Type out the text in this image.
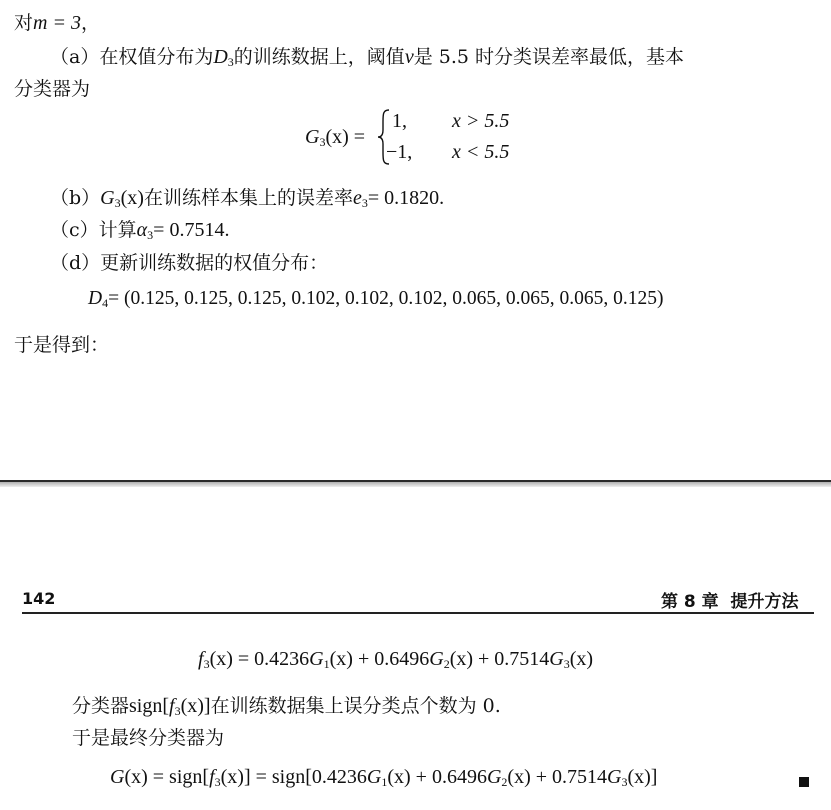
对m = 3，
（a）在权值分布为$D_3$的训练数据上，阈值v是 5.5 时分类误差率最低，基本
分类器为
$G_3(x)$ =
1, x > 5.5
−1, x < 5.5
$(b)G_3(x)$在训练样本集上的误差率$e_3= 0.1820$.
（c）计算$\alpha_3= 0.7514$.
（d）更新训练数据的权值分布：
$D_4= (0.125$, 0.125, 0.125, 0.102, 0.102, 0.102, 0.065, 0.065, 0.065, 0.125)
于是得到：
142	第 8 章 提升方法
$f_3(x) = 0.4236G_1(x) + 0.6496G_2(x) + 0.7514G_3(x)$
分类器$sign[f_3(x)]$在训练数据集上误分类点个数为 0.
于是最终分类器为
$G(x) = sign[f_3(x)]$ = $sign[0.4236G_1(x) + 0.6496G_2(x) + 0.7514G_3(x)]$
